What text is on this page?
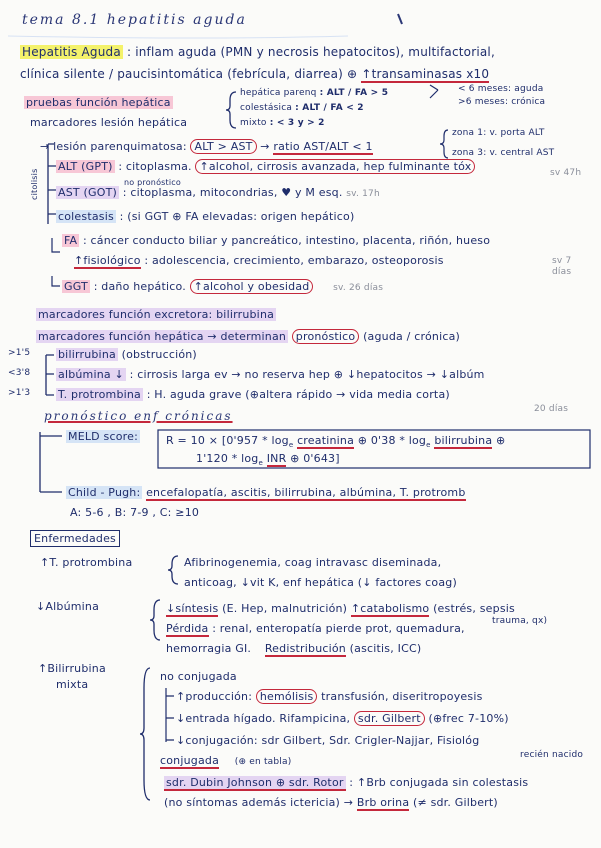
tema 8.1 hepatitis aguda
Hepatitis Aguda : inflam aguda (PMN y necrosis hepatocitos), multifactorial,
clínica silente / paucisintomática (febrícula, diarrea) ⊕ ↑transaminasas x10
< 6 meses: aguda
>6 meses: crónica
pruebas función hepática
marcadores lesión hepática
hepática parenq : ALT / FA > 5
colestásica : ALT / FA < 2
mixto : < 3 y > 2
→ lesión parenquimatosa: ALT > AST → ratio AST/ALT < 1
zona 1: v. porta ALT
zona 3: v. central AST
citolisis
ALT (GPT) : citoplasma. ↑alcohol, cirrosis avanzada, hep fulminante tóx
no pronóstico
sv 47h
AST (GOT) : citoplasma, mitocondrias, ♥ y M esq. sv. 17h
colestasis : (si GGT ⊕ FA elevadas: origen hepático)
FA : cáncer conducto biliar y pancreático, intestino, placenta, riñón, hueso
↑fisiológico : adolescencia, crecimiento, embarazo, osteoporosis	sv 7 días
GGT : daño hepático. ↑alcohol y obesidad	sv. 26 días
marcadores función excretora: bilirrubina
marcadores función hepática → determinan pronóstico (aguda / crónica)
>1'5	bilirrubina (obstrucción)
<3'8	albúmina ↓ : cirrosis larga ev → no reserva hep ⊕ ↓hepatocitos → ↓albúm
>1'3	T. protrombina : H. aguda grave (⊕altera rápido → vida media corta)
20 días
pronóstico enf crónicas
MELD score:	$R = 10 \times [0'957 * \log_e$ creatinina ⊕ $0'38 * \log_e$ bilirrubina ⊕
$1'120 * \log_e$ INR ⊕ 0'643]
Child - Pugh: encefalopatía, ascitis, bilirrubina, albúmina, T. protromb
A: 5-6 , B: 7-9 , C: ≥10
Enfermedades
↑T. protrombina	Afibrinogenemia, coag intravasc diseminada,
anticoag, ↓vit K, enf hepática (↓ factores coag)
↓Albúmina	↓síntesis (E. Hep, malnutrición) ↑catabolismo (estrés, sepsis
trauma, qx)
Pérdida : renal, enteropatía pierde prot, quemadura,
hemorragia GI. Redistribución (ascitis, ICC)
↑Bilirrubina
mixta
no conjugada
↑producción: hemólisis transfusión, diseritropoyesis
↓entrada hígado. Rifampicina, sdr. Gilbert (⊕frec 7-10%)
↓conjugación: sdr Gilbert, Sdr. Crigler-Najjar, Fisiológ
recién nacido
conjugada (⊕ en tabla)
sdr. Dubin Johnson ⊕ sdr. Rotor : ↑Brb conjugada sin colestasis
(no síntomas además ictericia) → Brb orina (≠ sdr. Gilbert)
